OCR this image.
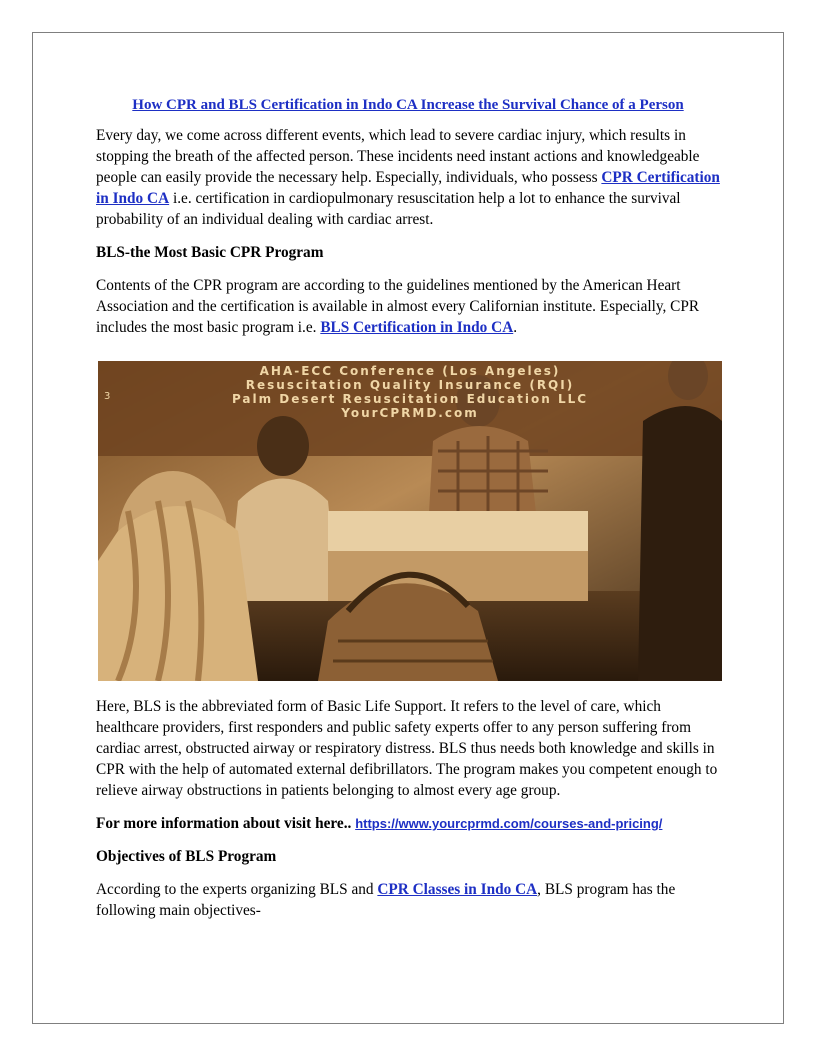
How CPR and BLS Certification in Indo CA Increase the Survival Chance of a Person

Every day, we come across different events, which lead to severe cardiac injury, which results in stopping the breath of the affected person. These incidents need instant actions and knowledgeable people can easily provide the necessary help. Especially, individuals, who possess CPR Certification in Indo CA i.e. certification in cardiopulmonary resuscitation help a lot to enhance the survival probability of an individual dealing with cardiac arrest.

BLS-the Most Basic CPR Program

Contents of the CPR program are according to the guidelines mentioned by the American Heart Association and the certification is available in almost every Californian institute. Especially, CPR includes the most basic program i.e. BLS Certification in Indo CA.

AHA-ECC Conference (Los Angeles)
Resuscitation Quality Insurance (RQI)
Palm Desert Resuscitation Education LLC
YourCPRMD.com
3

Here, BLS is the abbreviated form of Basic Life Support. It refers to the level of care, which healthcare providers, first responders and public safety experts offer to any person suffering from cardiac arrest, obstructed airway or respiratory distress. BLS thus needs both knowledge and skills in CPR with the help of automated external defibrillators. The program makes you competent enough to relieve airway obstructions in patients belonging to almost every age group.

For more information about visit here.. https://www.yourcprmd.com/courses-and-pricing/

Objectives of BLS Program

According to the experts organizing BLS and CPR Classes in Indo CA, BLS program has the following main objectives-
